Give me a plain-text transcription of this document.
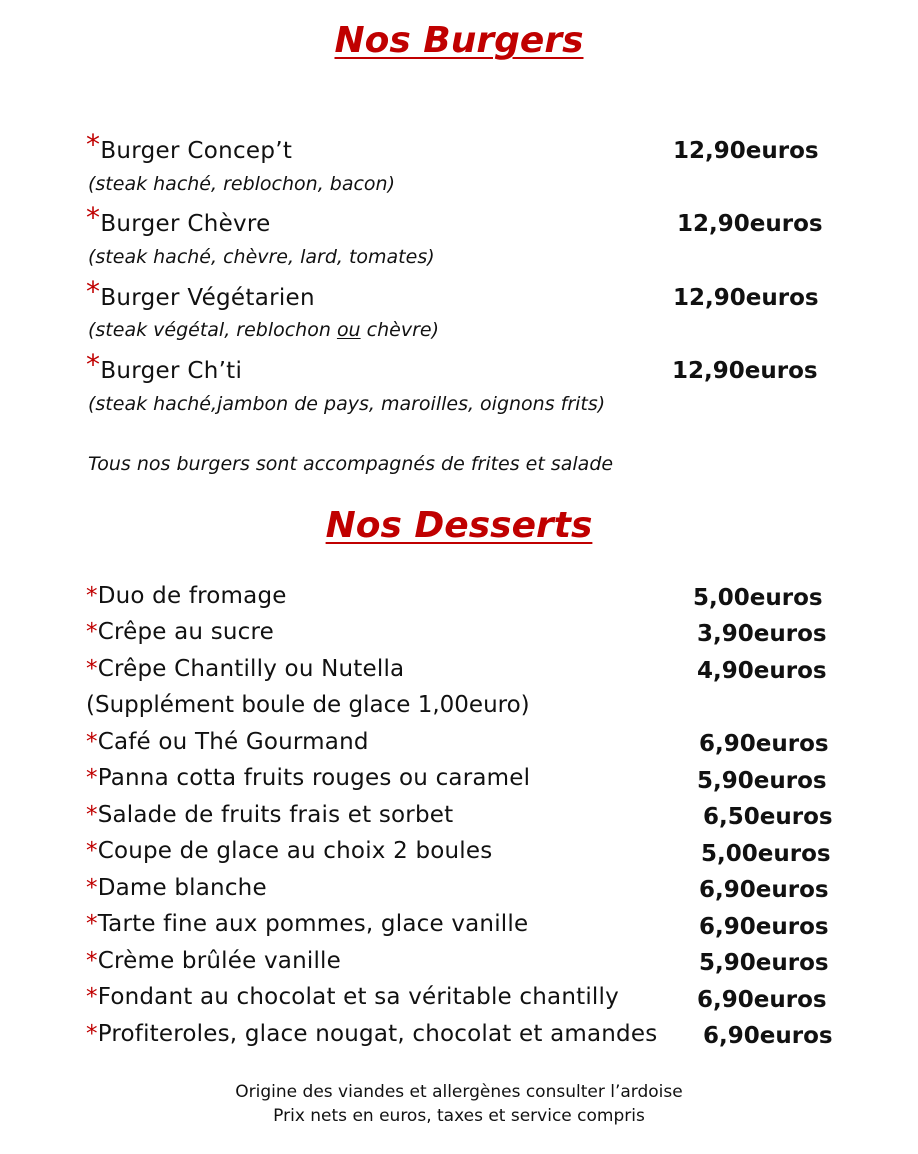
Nos Burgers
*Burger Concep’t	12,90euros
(steak haché, reblochon, bacon)
*Burger Chèvre	12,90euros
(steak haché, chèvre, lard, tomates)
*Burger Végétarien	12,90euros
(steak végétal, reblochon ou chèvre)
*Burger Ch’ti	12,90euros
(steak haché,jambon de pays, maroilles, oignons frits)
Tous nos burgers sont accompagnés de frites et salade
Nos Desserts
*Duo de fromage	5,00euros
*Crêpe au sucre	3,90euros
*Crêpe Chantilly ou Nutella	4,90euros
(Supplément boule de glace 1,00euro)
*Café ou Thé Gourmand	6,90euros
*Panna cotta fruits rouges ou caramel	5,90euros
*Salade de fruits frais et sorbet	6,50euros
*Coupe de glace au choix 2 boules	5,00euros
*Dame blanche	6,90euros
*Tarte fine aux pommes, glace vanille	6,90euros
*Crème brûlée vanille	5,90euros
*Fondant au chocolat et sa véritable chantilly	6,90euros
*Profiteroles, glace nougat, chocolat et amandes 6,90euros
Origine des viandes et allergènes consulter l’ardoise
Prix nets en euros, taxes et service compris
